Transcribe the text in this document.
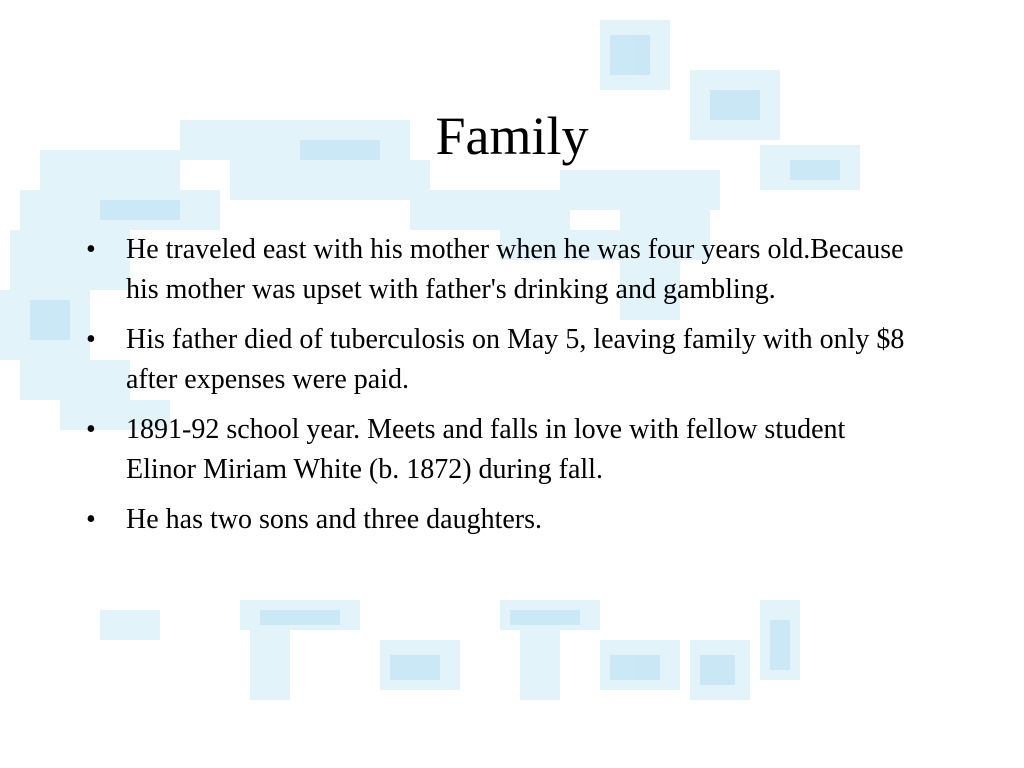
Family
•	He traveled east with his mother when he was four years old.Because his mother was upset with father's drinking and gambling.
•	His father died of tuberculosis on May 5, leaving family with only $8 after expenses were paid.
•	1891-92 school year. Meets and falls in love with fellow student Elinor Miriam White (b. 1872) during fall.
•	He has two sons and three daughters.
